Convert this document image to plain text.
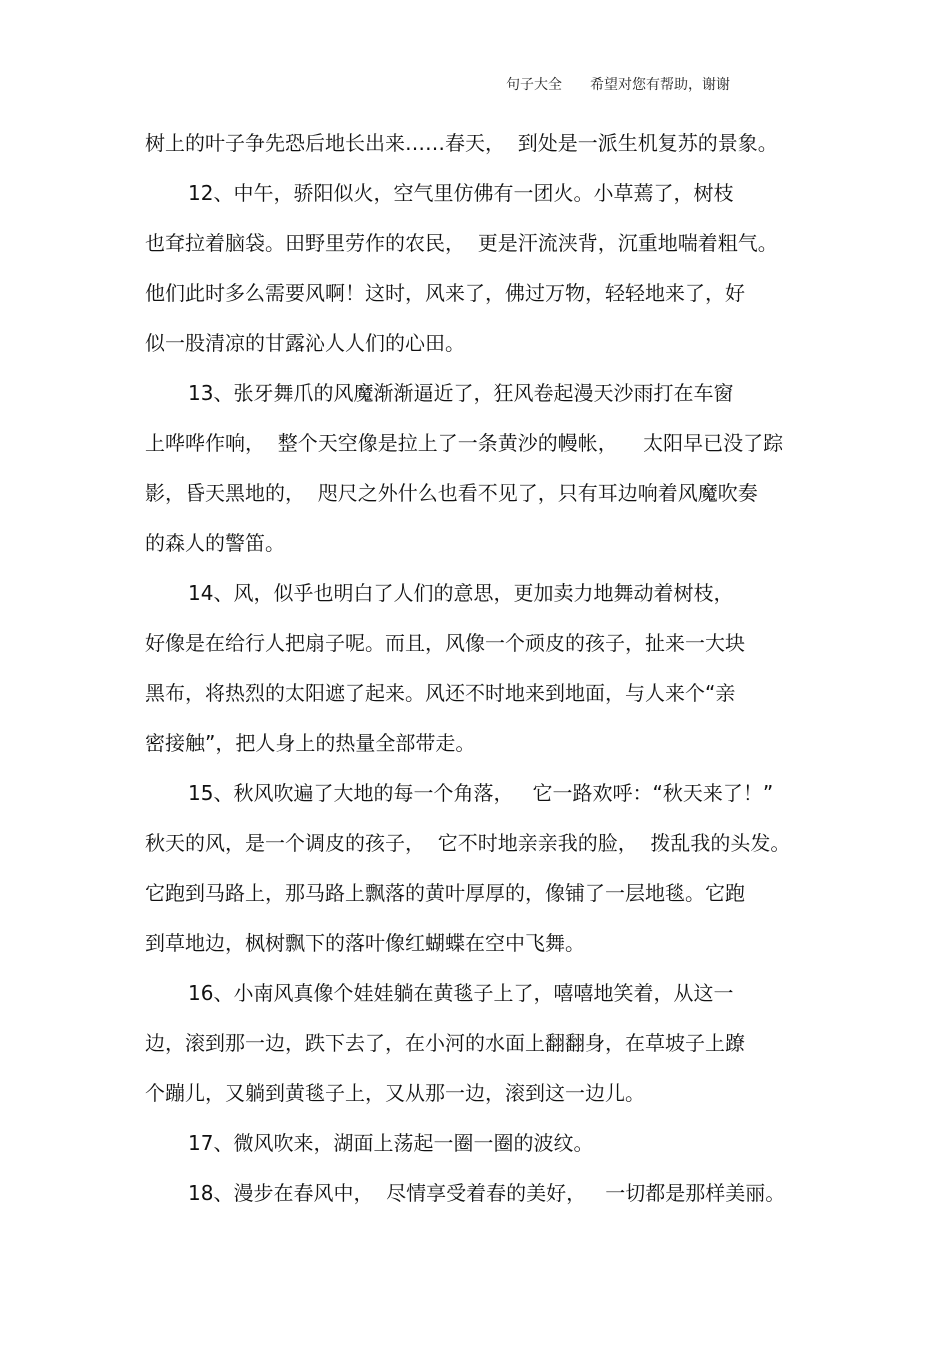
句子大全 希望对您有帮助，谢谢
树上的叶子争先恐后地长出来……春天，  到处是一派生机复苏的景象。
12、中午，骄阳似火，空气里仿佛有一团火。小草蔫了，树枝
也耷拉着脑袋。田野里劳作的农民，  更是汗流浃背，沉重地喘着粗气。
他们此时多么需要风啊！这时，风来了，佛过万物，轻轻地来了，好
似一股清凉的甘露沁人人们的心田。
13、张牙舞爪的风魔渐渐逼近了，狂风卷起漫天沙雨打在车窗
上哗哗作响，  整个天空像是拉上了一条黄沙的幔帐，    太阳早已没了踪
影，昏天黑地的，  咫尺之外什么也看不见了，只有耳边响着风魔吹奏
的森人的警笛。
14、风，似乎也明白了人们的意思，更加卖力地舞动着树枝，
好像是在给行人把扇子呢。而且，风像一个顽皮的孩子，扯来一大块
黑布，将热烈的太阳遮了起来。风还不时地来到地面，与人来个“亲
密接触”，把人身上的热量全部带走。
15、秋风吹遍了大地的每一个角落，   它一路欢呼：“秋天来了！”
秋天的风，是一个调皮的孩子，  它不时地亲亲我的脸，  拨乱我的头发。
它跑到马路上，那马路上飘落的黄叶厚厚的，像铺了一层地毯。它跑
到草地边，枫树飘下的落叶像红蝴蝶在空中飞舞。
16、小南风真像个娃娃躺在黄毯子上了，嘻嘻地笑着，从这一
边，滚到那一边，跌下去了，在小河的水面上翻翻身，在草坡子上蹽
个蹦儿，又躺到黄毯子上，又从那一边，滚到这一边儿。
17、微风吹来，湖面上荡起一圈一圈的波纹。
18、漫步在春风中，  尽情享受着春的美好，   一切都是那样美丽。
